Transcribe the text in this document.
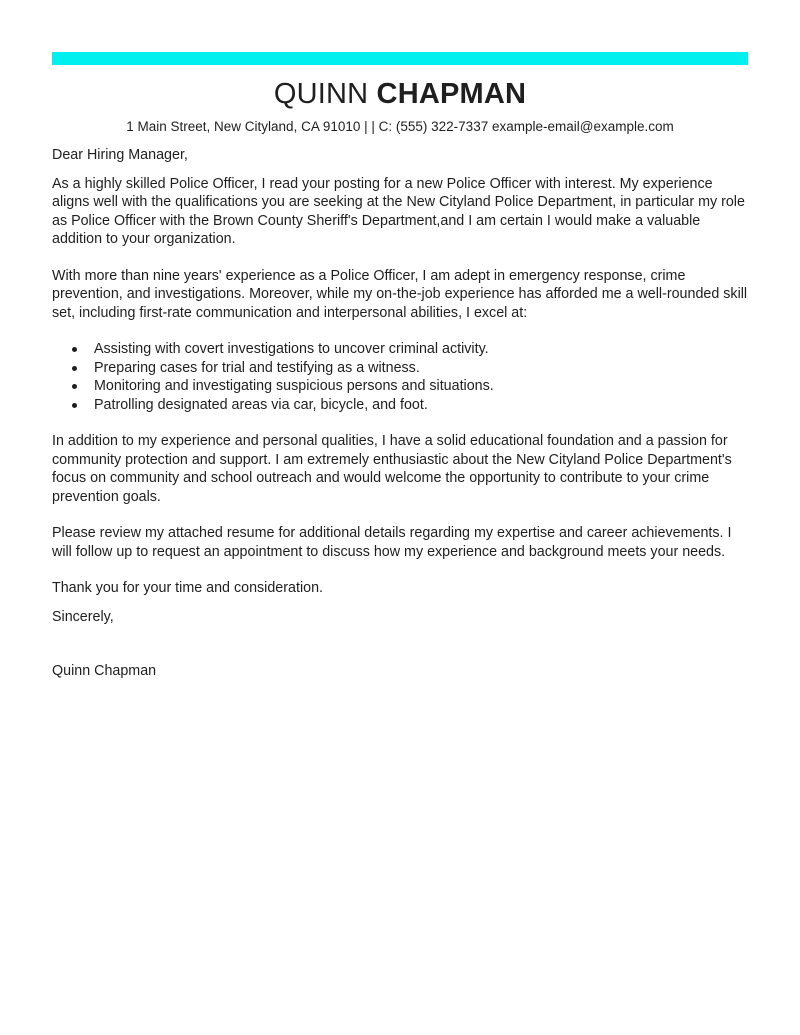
QUINN CHAPMAN
1 Main Street, New Cityland, CA 91010 | | C: (555) 322-7337 example-email@example.com

Dear Hiring Manager,

As a highly skilled Police Officer, I read your posting for a new Police Officer with interest. My experience aligns well with the qualifications you are seeking at the New Cityland Police Department, in particular my role as Police Officer with the Brown County Sheriff's Department,and I am certain I would make a valuable addition to your organization.

With more than nine years' experience as a Police Officer, I am adept in emergency response, crime prevention, and investigations. Moreover, while my on-the-job experience has afforded me a well-rounded skill set, including first-rate communication and interpersonal abilities, I excel at:

Assisting with covert investigations to uncover criminal activity.
Preparing cases for trial and testifying as a witness.
Monitoring and investigating suspicious persons and situations.
Patrolling designated areas via car, bicycle, and foot.

In addition to my experience and personal qualities, I have a solid educational foundation and a passion for community protection and support. I am extremely enthusiastic about the New Cityland Police Department's focus on community and school outreach and would welcome the opportunity to contribute to your crime prevention goals.

Please review my attached resume for additional details regarding my expertise and career achievements. I will follow up to request an appointment to discuss how my experience and background meets your needs.

Thank you for your time and consideration.

Sincerely,

Quinn Chapman
